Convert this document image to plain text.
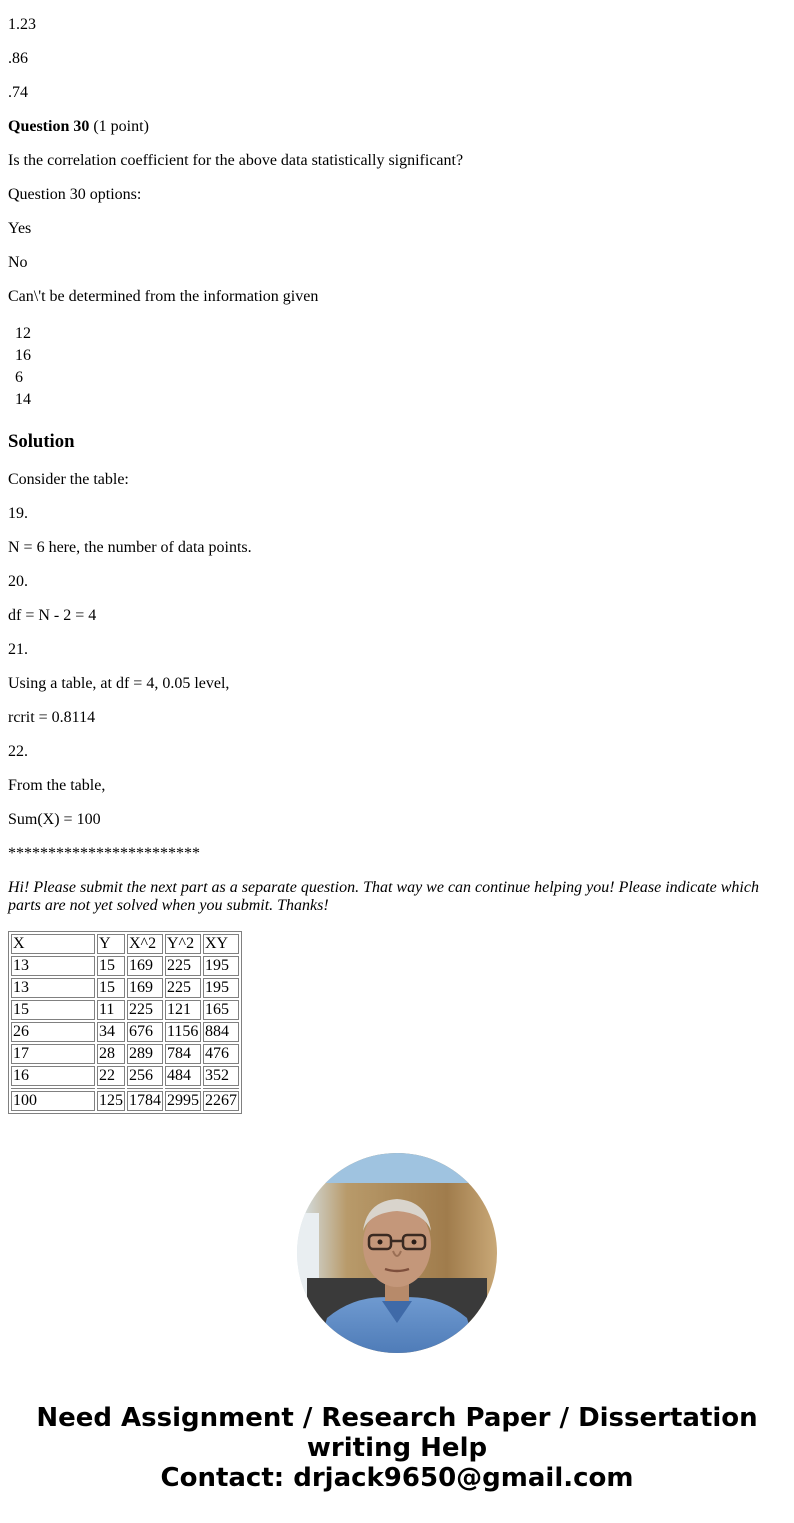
1.23

.86

.74

Question 30 (1 point)

Is the correlation coefficient for the above data statistically significant?

Question 30 options:

Yes

No

Can\'t be determined from the information given

12

16

6

14

Solution

Consider the table:

19.

N = 6 here, the number of data points.

20.

df = N - 2 = 4

21.

Using a table, at df = 4, 0.05 level,

rcrit = 0.8114

22.

From the table,

Sum(X) = 100

************************

Hi! Please submit the next part as a separate question. That way we can continue helping you! Please indicate which parts are not yet solved when you submit. Thanks!

X	Y	X^2	Y^2	XY
13	15	169	225	195
13	15	169	225	195
15	11	225	121	165
26	34	676	1156	884
17	28	289	784	476
16	22	256	484	352

100	125	1784	2995	2267
Need Assignment / Research Paper / Dissertation
writing Help
Contact: drjack9650@gmail.com
